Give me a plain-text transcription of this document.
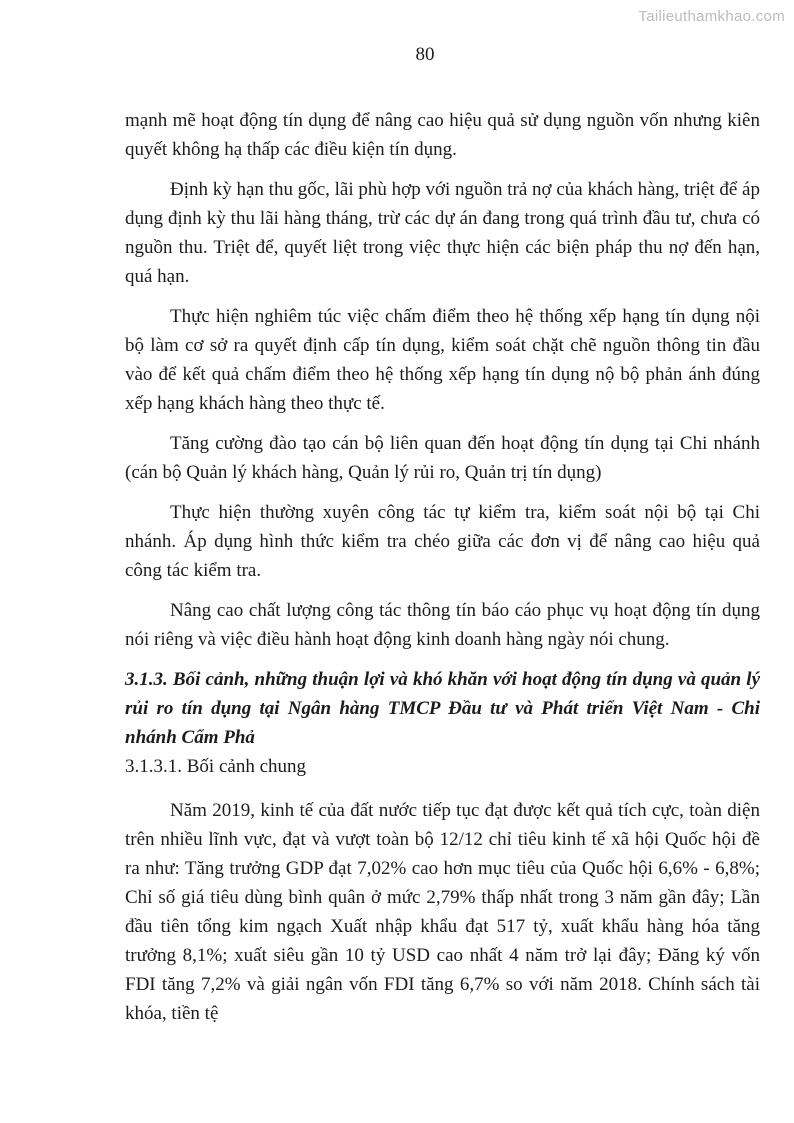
Tailieuthamkhao.com
80

mạnh mẽ hoạt động tín dụng để nâng cao hiệu quả sử dụng nguồn vốn nhưng kiên quyết không hạ thấp các điều kiện tín dụng.

Định kỳ hạn thu gốc, lãi phù hợp với nguồn trả nợ của khách hàng, triệt để áp dụng định kỳ thu lãi hàng tháng, trừ các dự án đang trong quá trình đầu tư, chưa có nguồn thu. Triệt để, quyết liệt trong việc thực hiện các biện pháp thu nợ đến hạn, quá hạn.

Thực hiện nghiêm túc việc chấm điểm theo hệ thống xếp hạng tín dụng nội bộ làm cơ sở ra quyết định cấp tín dụng, kiểm soát chặt chẽ nguồn thông tin đầu vào để kết quả chấm điểm theo hệ thống xếp hạng tín dụng nộ bộ phản ánh đúng xếp hạng khách hàng theo thực tế.

Tăng cường đào tạo cán bộ liên quan đến hoạt động tín dụng tại Chi nhánh (cán bộ Quản lý khách hàng, Quản lý rủi ro, Quản trị tín dụng)

Thực hiện thường xuyên công tác tự kiểm tra, kiểm soát nội bộ tại Chi nhánh. Áp dụng hình thức kiểm tra chéo giữa các đơn vị để nâng cao hiệu quả công tác kiểm tra.

Nâng cao chất lượng công tác thông tín báo cáo phục vụ hoạt động tín dụng nói riêng và việc điều hành hoạt động kinh doanh hàng ngày nói chung.

3.1.3. Bối cảnh, những thuận lợi và khó khăn với hoạt động tín dụng và quản lý rủi ro tín dụng tại Ngân hàng TMCP Đầu tư và Phát triển Việt Nam - Chi nhánh Cẩm Phả

3.1.3.1. Bối cảnh chung

Năm 2019, kinh tế của đất nước tiếp tục đạt được kết quả tích cực, toàn diện trên nhiều lĩnh vực, đạt và vượt toàn bộ 12/12 chỉ tiêu kinh tế xã hội Quốc hội đề ra như: Tăng trưởng GDP đạt 7,02% cao hơn mục tiêu của Quốc hội 6,6% - 6,8%; Chỉ số giá tiêu dùng bình quân ở mức 2,79% thấp nhất trong 3 năm gần đây; Lần đầu tiên tổng kim ngạch Xuất nhập khẩu đạt 517 tỷ, xuất khẩu hàng hóa tăng trưởng 8,1%; xuất siêu gần 10 tỷ USD cao nhất 4 năm trở lại đây; Đăng ký vốn FDI tăng 7,2% và giải ngân vốn FDI tăng 6,7% so với năm 2018. Chính sách tài khóa, tiền tệ
